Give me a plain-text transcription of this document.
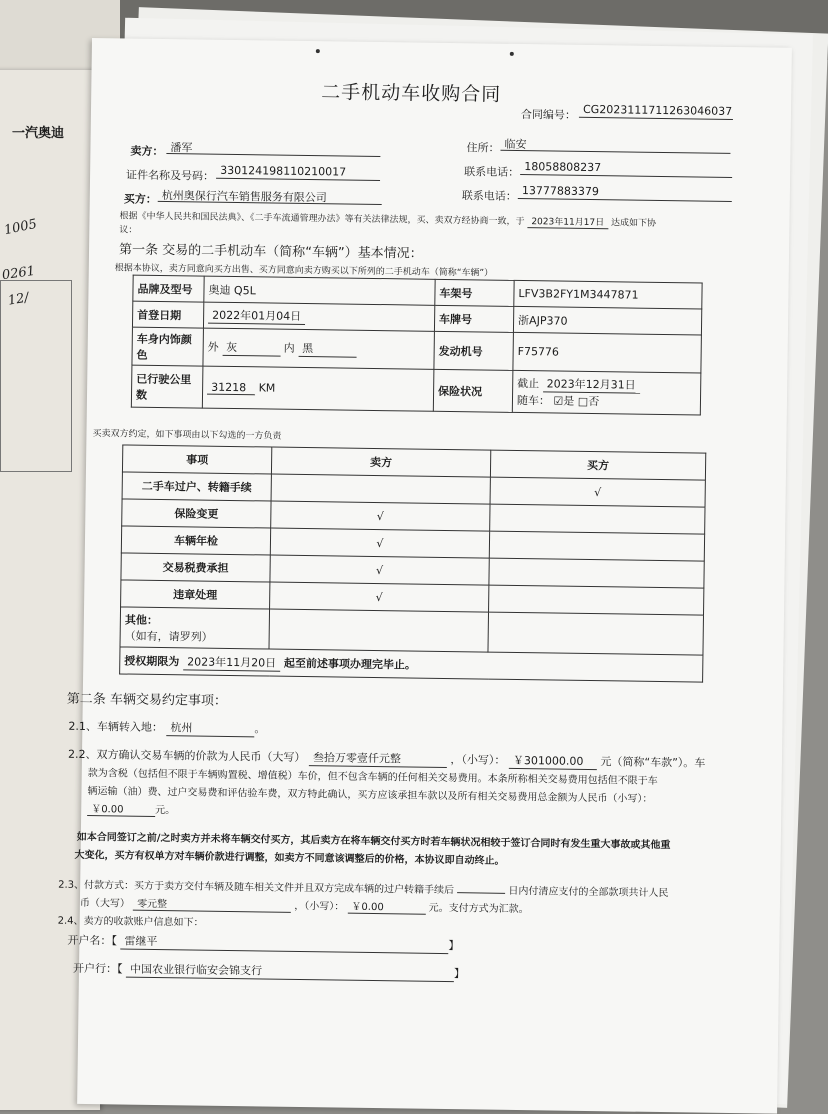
一汽奥迪
1005
0261
12/
二手机动车收购合同
合同编号： CG2023111711263046037
卖方： 潘军	住所： 临安
证件名称及号码： 330124198110210017	联系电话： 18058808237
买方： 杭州奥保行汽车销售服务有限公司	联系电话： 13777883379
根据《中华人民共和国民法典》、《二手车流通管理办法》等有关法律法规，买、卖双方经协商一致，于 2023年11月17日 达成如下协
议：
第一条 交易的二手机动车（简称“车辆”）基本情况：
根据本协议，卖方同意向买方出售、买方同意向卖方购买以下所列的二手机动车（简称“车辆”）
品牌及型号	奥迪 Q5L	车架号	LFV3B2FY1M3447871
首登日期	2022年01月04日	车牌号	浙AJP370
车身内饰颜色	外 灰 内 黑	发动机号	F75776
已行驶公里数	31218 KM	保险状况	截止 2023年12月31日
随车： ☑是 □否
买卖双方约定，如下事项由以下勾选的一方负责
事项	卖方	买方
二手车过户、转籍手续		√
保险变更	√	
车辆年检	√	
交易税费承担	√	
违章处理	√	

其他：
（如有，请罗列）		

授权期限为 2023年11月20日 起至前述事项办理完毕止。		
第二条 车辆交易约定事项：
2.1、车辆转入地： 杭州	。
2.2、双方确认交易车辆的价款为人民币（大写） 叁拾万零壹仟元整	，（小写）： ￥301000.00 元（简称“车款”）。车
款为含税（包括但不限于车辆购置税、增值税）车价，但不包含车辆的任何相关交易费用。本条所称相关交易费用包括但不限于车
辆运输（油）费、过户交易费和评估验车费，双方特此确认，买方应该承担车款以及所有相关交易费用总金额为人民币（小写）：
￥0.00	元。
如本合同签订之前/之时卖方并未将车辆交付买方，其后卖方在将车辆交付买方时若车辆状况相较于签订合同时有发生重大事故或其他重
大变化，买方有权单方对车辆价款进行调整，如卖方不同意该调整后的价格，本协议即自动终止。
2.3、付款方式：买方于卖方交付车辆及随车相关文件并且双方完成车辆的过户转籍手续后	日内付清应支付的全部款项共计人民
币（大写） 零元整	，（小写）： ￥0.00	元。支付方式为汇款。
2.4、卖方的收款账户信息如下：
开户名：【 雷继平	】
开户行：【 中国农业银行临安会锦支行	】
